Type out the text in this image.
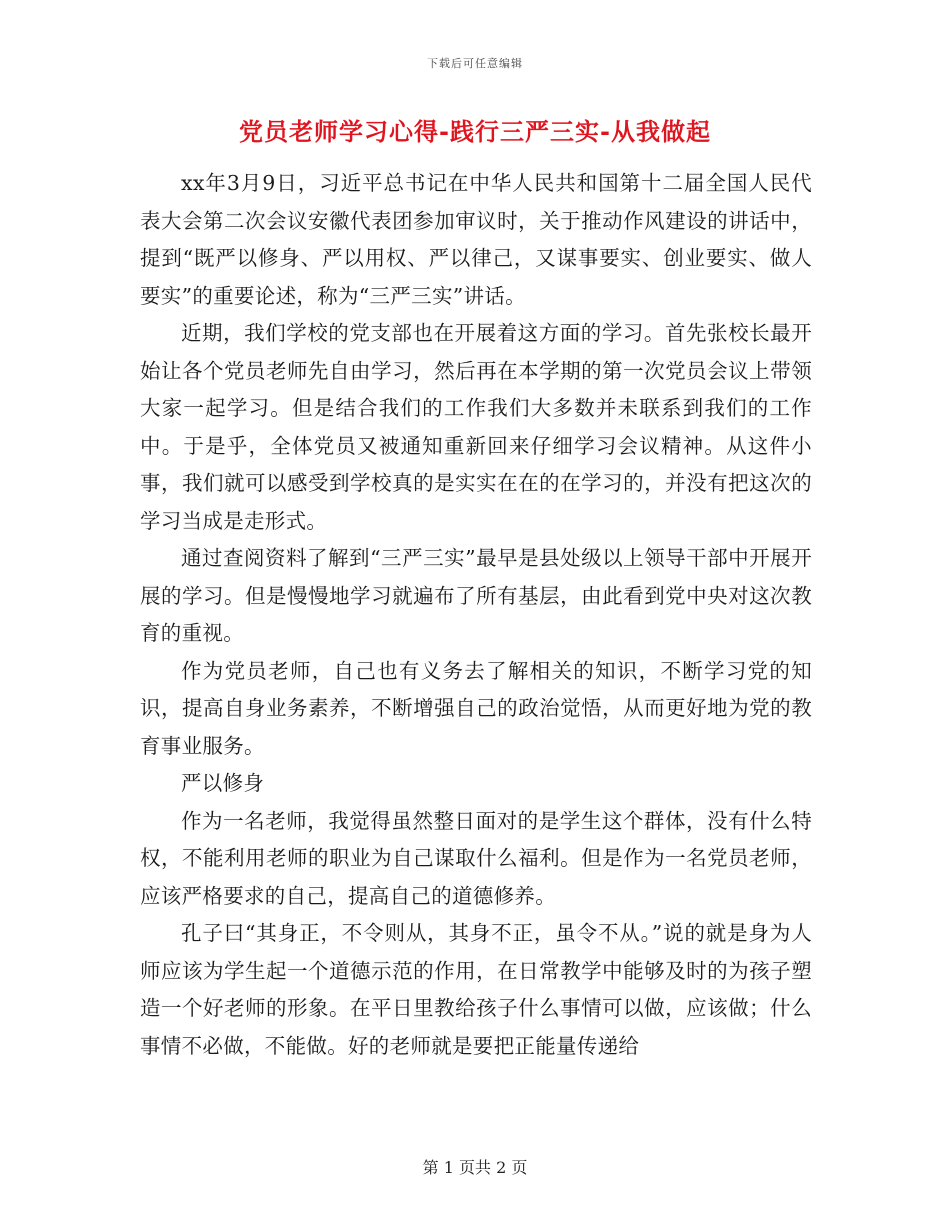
下载后可任意编辑
党员老师学习心得-践行三严三实-从我做起

xx年3月9日，习近平总书记在中华人民共和国第十二届全国人民代表大会第二次会议安徽代表团参加审议时，关于推动作风建设的讲话中，提到“既严以修身、严以用权、严以律己，又谋事要实、创业要实、做人要实”的重要论述，称为“三严三实”讲话。

近期，我们学校的党支部也在开展着这方面的学习。首先张校长最开始让各个党员老师先自由学习，然后再在本学期的第一次党员会议上带领大家一起学习。但是结合我们的工作我们大多数并未联系到我们的工作中。于是乎，全体党员又被通知重新回来仔细学习会议精神。从这件小事，我们就可以感受到学校真的是实实在在的在学习的，并没有把这次的学习当成是走形式。

通过查阅资料了解到“三严三实”最早是县处级以上领导干部中开展开展的学习。但是慢慢地学习就遍布了所有基层，由此看到党中央对这次教育的重视。

作为党员老师，自己也有义务去了解相关的知识，不断学习党的知识，提高自身业务素养，不断增强自己的政治觉悟，从而更好地为党的教育事业服务。

严以修身

作为一名老师，我觉得虽然整日面对的是学生这个群体，没有什么特权，不能利用老师的职业为自己谋取什么福利。但是作为一名党员老师，应该严格要求的自己，提高自己的道德修养。

孔子曰“其身正，不令则从，其身不正，虽令不从。”说的就是身为人师应该为学生起一个道德示范的作用，在日常教学中能够及时的为孩子塑造一个好老师的形象。在平日里教给孩子什么事情可以做，应该做；什么事情不必做，不能做。好的老师就是要把正能量传递给

第 1 页共 2 页
